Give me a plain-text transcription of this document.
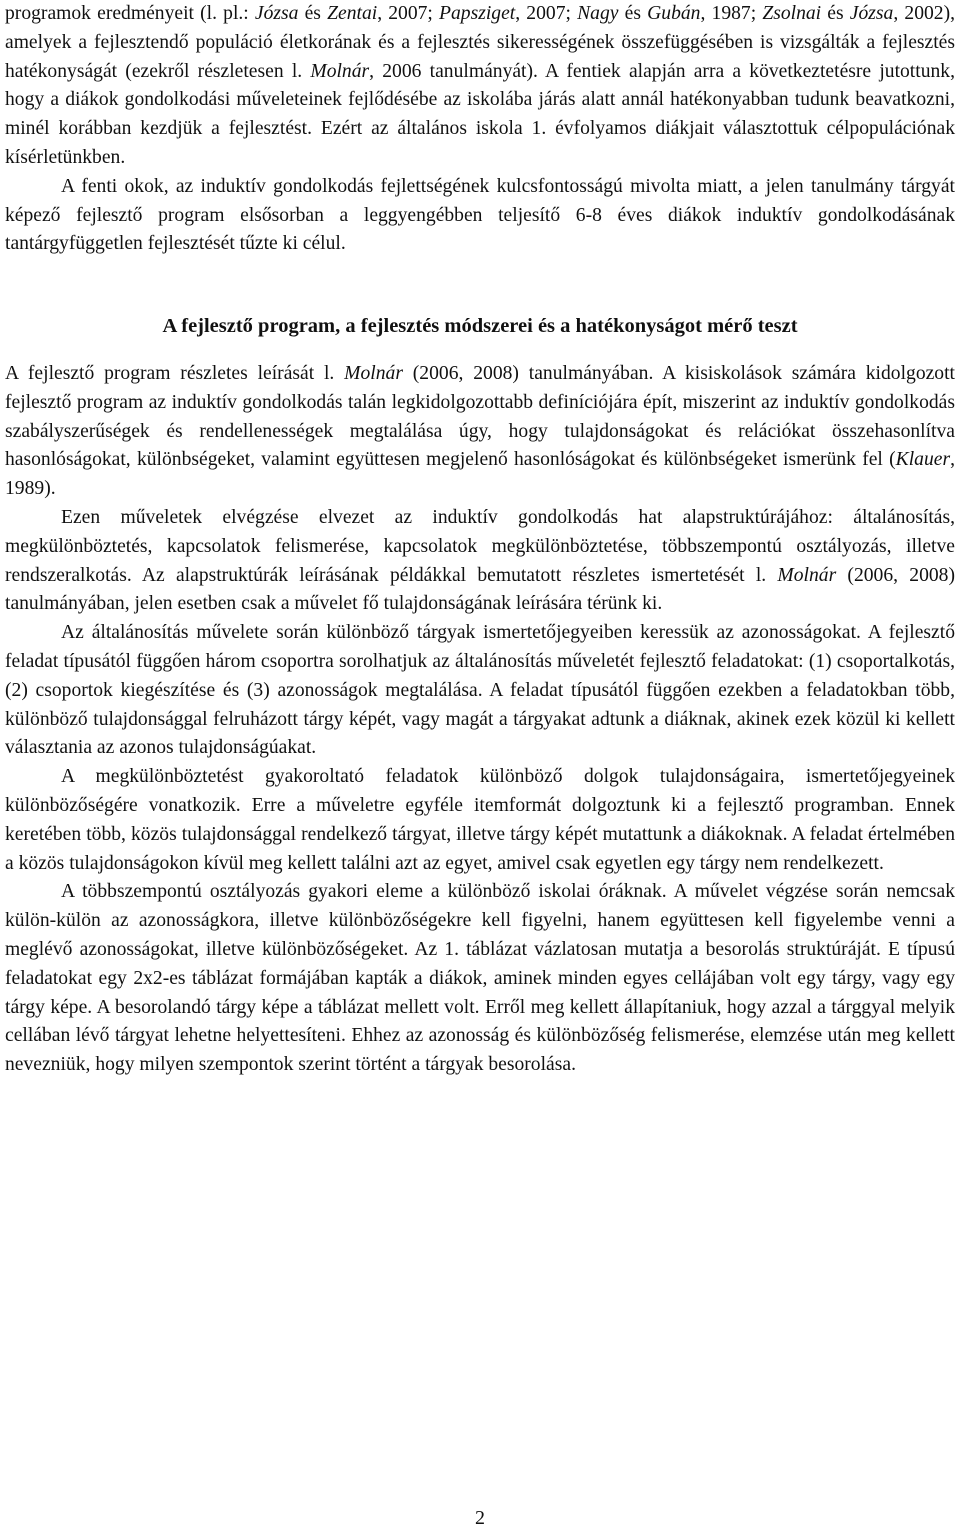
programok eredményeit (l. pl.: Józsa és Zentai, 2007; Papsziget, 2007; Nagy és Gubán, 1987; Zsolnai és Józsa, 2002), amelyek a fejlesztendő populáció életkorának és a fejlesztés sikerességének összefüggésében is vizsgálták a fejlesztés hatékonyságát (ezekről részletesen l. Molnár, 2006 tanulmányát). A fentiek alapján arra a következtetésre jutottunk, hogy a diákok gondolkodási műveleteinek fejlődésébe az iskolába járás alatt annál hatékonyabban tudunk beavatkozni, minél korábban kezdjük a fejlesztést. Ezért az általános iskola 1. évfolyamos diákjait választottuk célpopulációnak kísérletünkben.

A fenti okok, az induktív gondolkodás fejlettségének kulcsfontosságú mivolta miatt, a jelen tanulmány tárgyát képező fejlesztő program elsősorban a leggyengébben teljesítő 6-8 éves diákok induktív gondolkodásának tantárgyfüggetlen fejlesztését tűzte ki célul.

A fejlesztő program, a fejlesztés módszerei és a hatékonyságot mérő teszt

A fejlesztő program részletes leírását l. Molnár (2006, 2008) tanulmányában. A kisiskolások számára kidolgozott fejlesztő program az induktív gondolkodás talán legkidolgozottabb definíciójára épít, miszerint az induktív gondolkodás szabályszerűségek és rendellenességek megtalálása úgy, hogy tulajdonságokat és relációkat összehasonlítva hasonlóságokat, különbségeket, valamint együttesen megjelenő hasonlóságokat és különbségeket ismerünk fel (Klauer, 1989).

Ezen műveletek elvégzése elvezet az induktív gondolkodás hat alapstruktúrájához: általánosítás, megkülönböztetés, kapcsolatok felismerése, kapcsolatok megkülönböztetése, többszempontú osztályozás, illetve rendszeralkotás. Az alapstruktúrák leírásának példákkal bemutatott részletes ismertetését l. Molnár (2006, 2008) tanulmányában, jelen esetben csak a művelet fő tulajdonságának leírására térünk ki.

Az általánosítás művelete során különböző tárgyak ismertetőjegyeiben keressük az azonosságokat. A fejlesztő feladat típusától függően három csoportra sorolhatjuk az általánosítás műveletét fejlesztő feladatokat: (1) csoportalkotás, (2) csoportok kiegészítése és (3) azonosságok megtalálása. A feladat típusától függően ezekben a feladatokban több, különböző tulajdonsággal felruházott tárgy képét, vagy magát a tárgyakat adtunk a diáknak, akinek ezek közül ki kellett választania az azonos tulajdonságúakat.

A megkülönböztetést gyakoroltató feladatok különböző dolgok tulajdonságaira, ismertetőjegyeinek különbözőségére vonatkozik. Erre a műveletre egyféle itemformát dolgoztunk ki a fejlesztő programban. Ennek keretében több, közös tulajdonsággal rendelkező tárgyat, illetve tárgy képét mutattunk a diákoknak. A feladat értelmében a közös tulajdonságokon kívül meg kellett találni azt az egyet, amivel csak egyetlen egy tárgy nem rendelkezett.

A többszempontú osztályozás gyakori eleme a különböző iskolai óráknak. A művelet végzése során nemcsak külön-külön az azonosságkora, illetve különbözőségekre kell figyelni, hanem együttesen kell figyelembe venni a meglévő azonosságokat, illetve különbözőségeket. Az 1. táblázat vázlatosan mutatja a besorolás struktúráját. E típusú feladatokat egy 2x2-es táblázat formájában kapták a diákok, aminek minden egyes cellájában volt egy tárgy, vagy egy tárgy képe. A besorolandó tárgy képe a táblázat mellett volt. Erről meg kellett állapítaniuk, hogy azzal a tárggyal melyik cellában lévő tárgyat lehetne helyettesíteni. Ehhez az azonosság és különbözőség felismerése, elemzése után meg kellett nevezniük, hogy milyen szempontok szerint történt a tárgyak besorolása.

2
